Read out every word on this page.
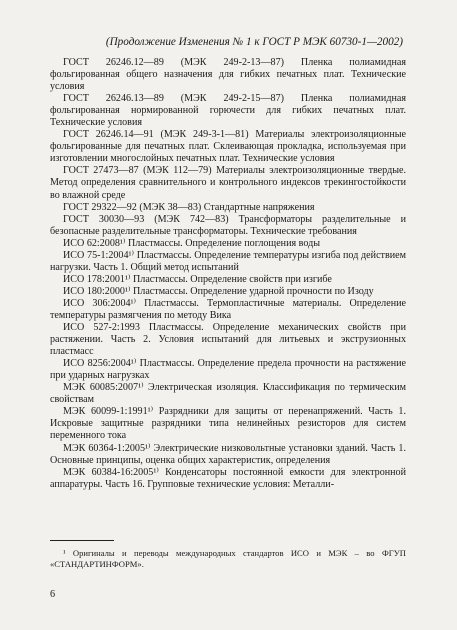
(Продолжение Изменения № 1 к ГОСТ Р МЭК 60730-1—2002)

ГОСТ 26246.12—89 (МЭК 249-2-13—87) Пленка полиамидная фольгированная общего назначения для гибких печатных плат. Технические условия

ГОСТ 26246.13—89 (МЭК 249-2-15—87) Пленка полиамидная фольгированная нормированной горючести для гибких печатных плат. Технические условия

ГОСТ 26246.14—91 (МЭК 249-3-1—81) Материалы электроизоляционные фольгированные для печатных плат. Склеивающая прокладка, используемая при изготовлении многослойных печатных плат. Технические условия

ГОСТ 27473—87 (МЭК 112—79) Материалы электроизоляционные твердые. Метод определения сравнительного и контрольного индексов трекингостойкости во влажной среде

ГОСТ 29322—92 (МЭК 38—83) Стандартные напряжения

ГОСТ 30030—93 (МЭК 742—83) Трансформаторы разделительные и безопасные разделительные трансформаторы. Технические требования

ИСО 62:2008¹⁾ Пластмассы. Определение поглощения воды

ИСО 75-1:2004¹⁾ Пластмассы. Определение температуры изгиба под действием нагрузки. Часть 1. Общий метод испытаний

ИСО 178:2001¹⁾ Пластмассы. Определение свойств при изгибе

ИСО 180:2000¹⁾ Пластмассы. Определение ударной прочности по Изоду

ИСО 306:2004¹⁾ Пластмассы. Термопластичные материалы. Определение температуры размягчения по методу Вика

ИСО 527-2:1993 Пластмассы. Определение механических свойств при растяжении. Часть 2. Условия испытаний для литьевых и экструзионных пластмасс

ИСО 8256:2004¹⁾ Пластмассы. Определение предела прочности на растяжение при ударных нагрузках

МЭК 60085:2007¹⁾ Электрическая изоляция. Классификация по термическим свойствам

МЭК 60099-1:1991¹⁾ Разрядники для защиты от перенапряжений. Часть 1. Искровые защитные разрядники типа нелинейных резисторов для систем переменного тока

МЭК 60364-1:2005¹⁾ Электрические низковольтные установки зданий. Часть 1. Основные принципы, оценка общих характеристик, определения

МЭК 60384-16:2005¹⁾ Конденсаторы постоянной емкости для электронной аппаратуры. Часть 16. Групповые технические условия: Металли-

¹ Оригиналы и переводы международных стандартов ИСО и МЭК – во ФГУП «СТАНДАРТИНФОРМ».
6
